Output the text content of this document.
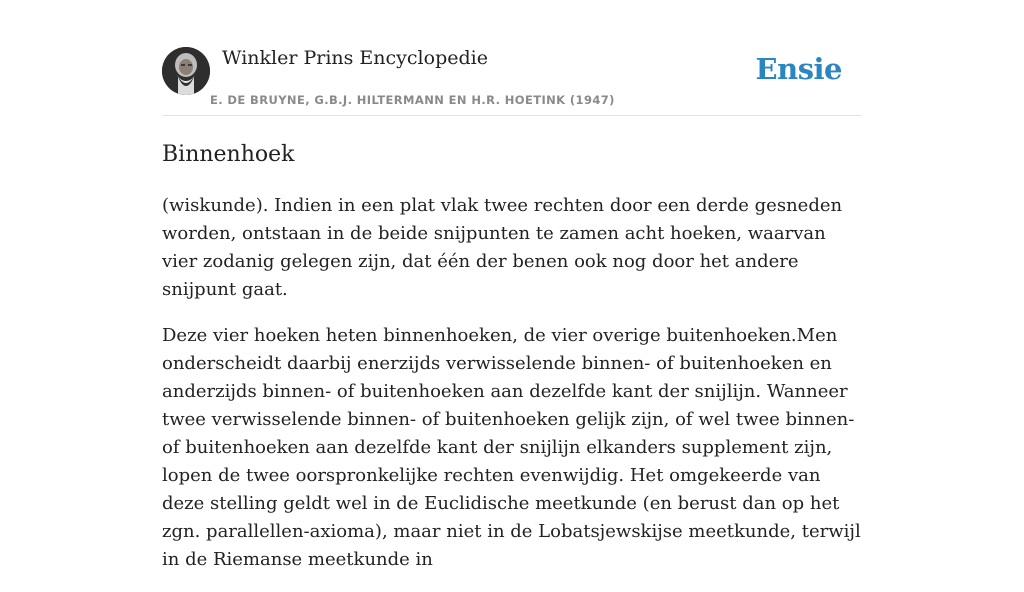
Winkler Prins Encyclopedie
E. DE BRUYNE, G.B.J. HILTERMANN EN H.R. HOETINK (1947)
Ensie
Binnenhoek

(wiskunde). Indien in een plat vlak twee rechten door een derde gesneden worden, ontstaan in de beide snijpunten te zamen acht hoeken, waarvan vier zodanig gelegen zijn, dat één der benen ook nog door het andere snijpunt gaat.

Deze vier hoeken heten binnenhoeken, de vier overige buitenhoeken.Men onderscheidt daarbij enerzijds verwisselende binnen- of buitenhoeken en anderzijds binnen- of buitenhoeken aan dezelfde kant der snijlijn. Wanneer twee verwisselende binnen- of buitenhoeken gelijk zijn, of wel twee binnen- of buitenhoeken aan dezelfde kant der snijlijn elkanders supplement zijn, lopen de twee oorspronkelijke rechten evenwijdig. Het omgekeerde van deze stelling geldt wel in de Euclidische meetkunde (en berust dan op het zgn. parallellen-axioma), maar niet in de Lobatsjewskijse meetkunde, terwijl in de Riemanse meetkunde in
